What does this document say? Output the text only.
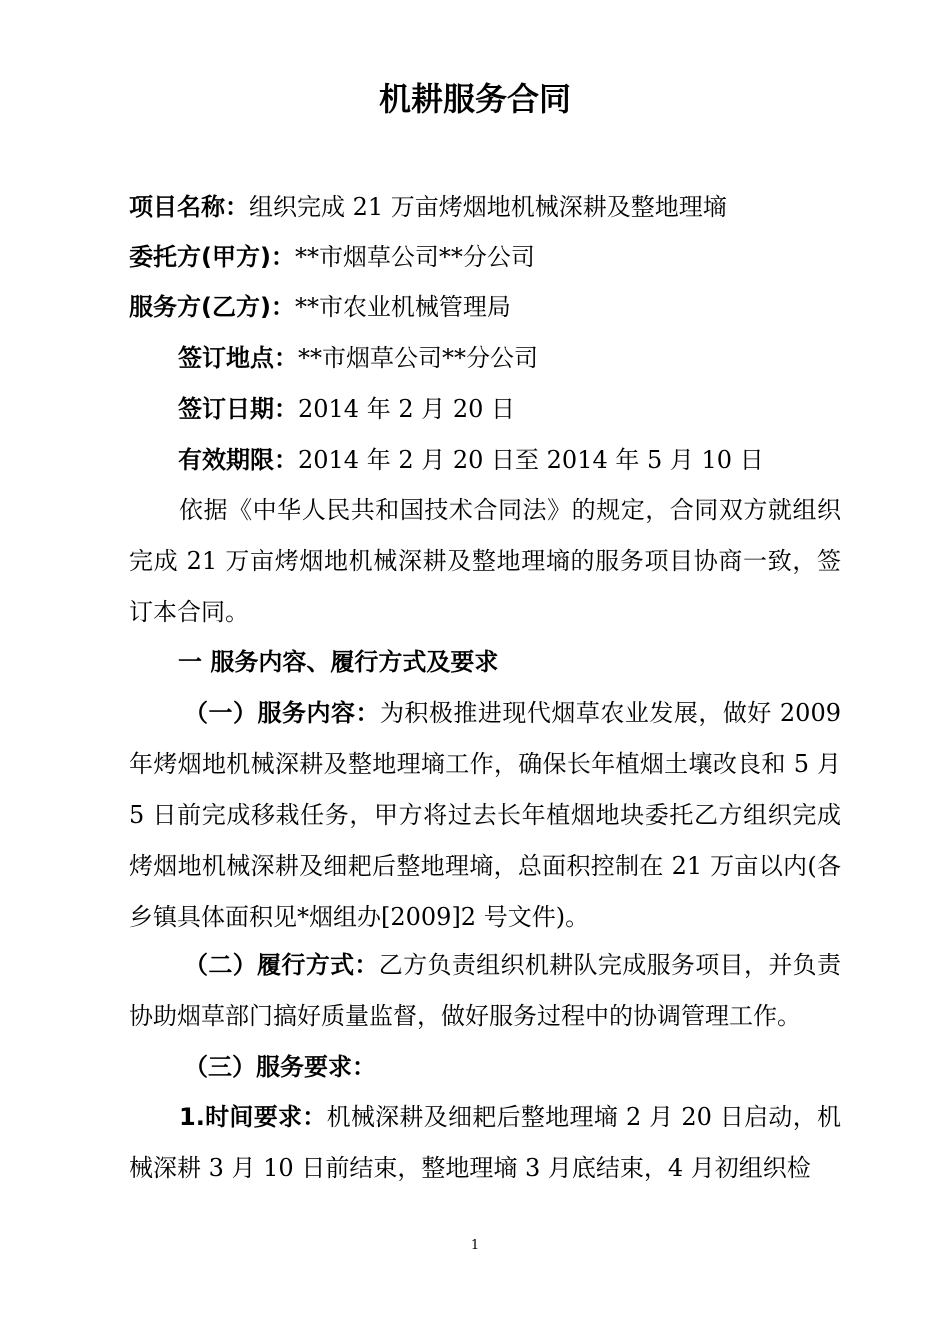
机耕服务合同
项目名称：组织完成 21 万亩烤烟地机械深耕及整地理墒
委托方(甲方)：**市烟草公司**分公司
服务方(乙方)：**市农业机械管理局
签订地点：**市烟草公司**分公司
签订日期：2014 年 2 月 20 日
有效期限：2014 年 2 月 20 日至 2014 年 5 月 10 日
依据《中华人民共和国技术合同法》的规定，合同双方就组织完成 21 万亩烤烟地机械深耕及整地理墒的服务项目协商一致，签订本合同。
一 服务内容、履行方式及要求
（一）服务内容：为积极推进现代烟草农业发展，做好 2009 年烤烟地机械深耕及整地理墒工作，确保长年植烟土壤改良和 5 月 5 日前完成移栽任务，甲方将过去长年植烟地块委托乙方组织完成烤烟地机械深耕及细耙后整地理墒，总面积控制在 21 万亩以内(各乡镇具体面积见*烟组办[2009]2 号文件)。
（二）履行方式：乙方负责组织机耕队完成服务项目，并负责协助烟草部门搞好质量监督，做好服务过程中的协调管理工作。
（三）服务要求：
1.时间要求：机械深耕及细耙后整地理墒 2 月 20 日启动，机械深耕 3 月 10 日前结束，整地理墒 3 月底结束，4 月初组织检
1
